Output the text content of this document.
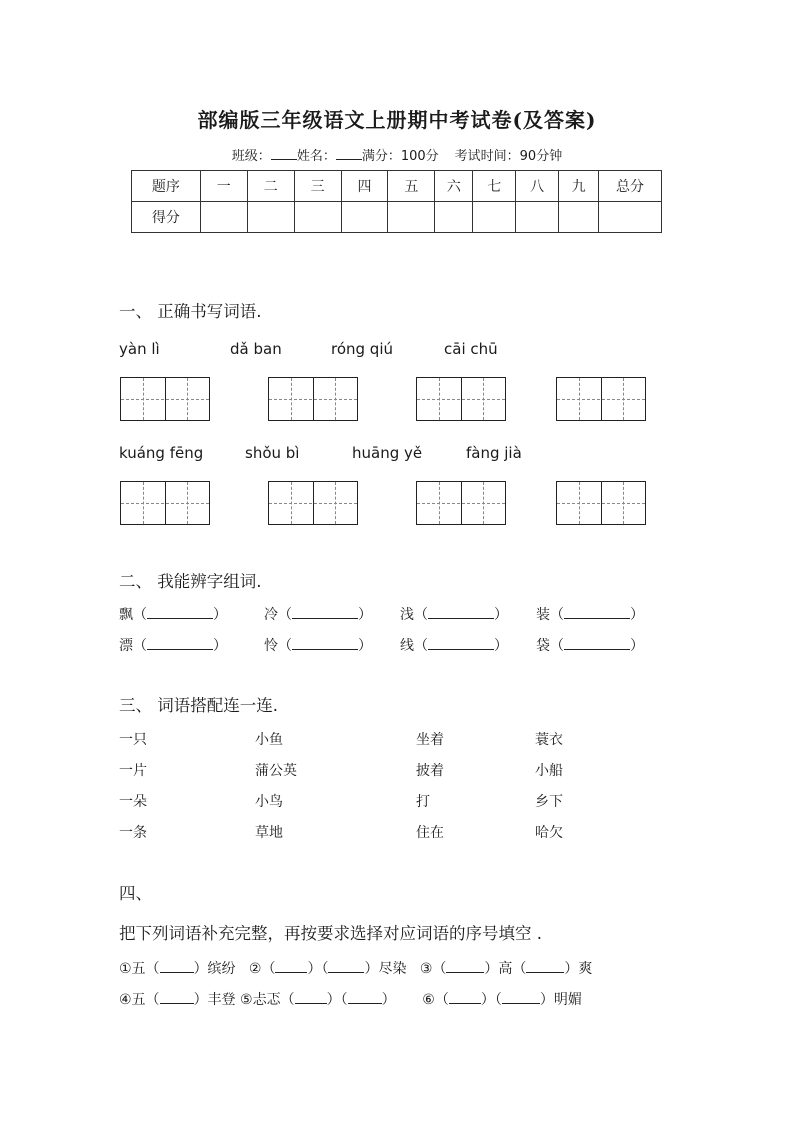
部编版三年级语文上册期中考试卷(及答案)
班级： 姓名： 满分：100分 考试时间：90分钟
题序	一	二	三	四	五	六	七	八	九	总分
得分										
一、 正确书写词语.
yàn lì	dǎ ban	róng qiú	cāi chū
kuáng fēng	shǒu bì	huāng yě	fàng jià
二、 我能辨字组词.
飘（	）	冷（	） 浅（	） 装（	）
漂（	）	怜（	） 线（	） 袋（	）
三、 词语搭配连一连.
一只	小鱼	坐着	蓑衣
一片	蒲公英	披着	小船
一朵	小鸟	打	乡下
一条	草地	住在	哈欠
四、
把下列词语补充完整，再按要求选择对应词语的序号填空 .
①五（ ）缤纷 ②（ ）（	）尽染 ③（	）高（	）爽
④五（ ）丰登 ⑤忐忑（ ）（ ） ⑥（ ）（	）明媚
